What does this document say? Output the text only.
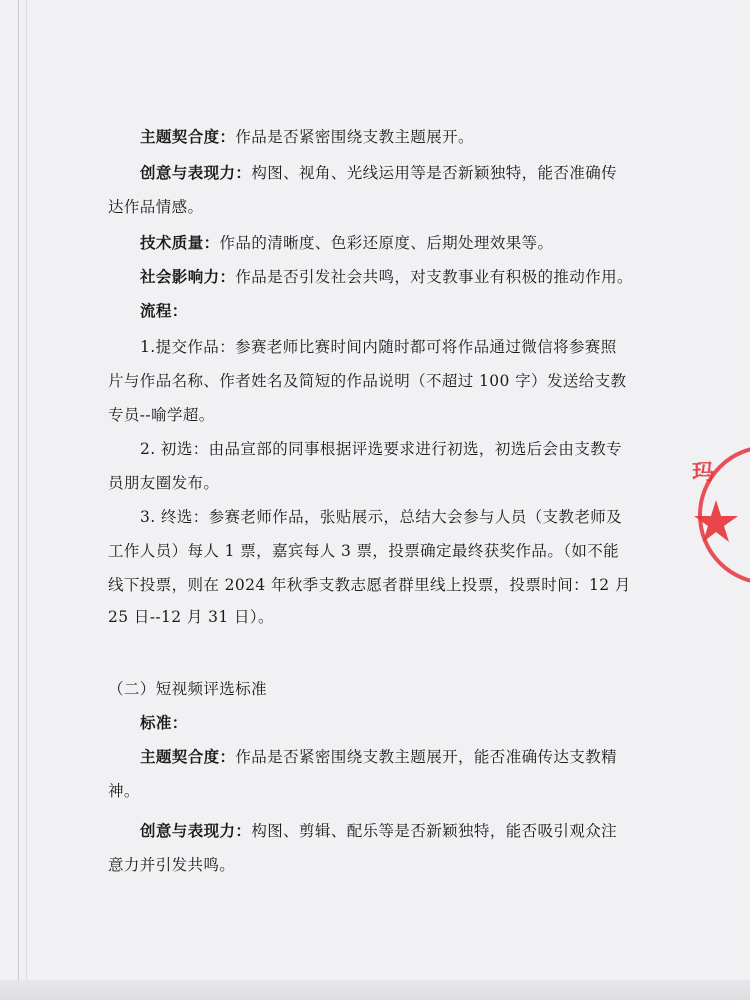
主题契合度：作品是否紧密围绕支教主题展开。
创意与表现力：构图、视角、光线运用等是否新颖独特，能否准确传
达作品情感。
技术质量：作品的清晰度、色彩还原度、后期处理效果等。
社会影响力：作品是否引发社会共鸣，对支教事业有积极的推动作用。
流程：
1.提交作品：参赛老师比赛时间内随时都可将作品通过微信将参赛照
片与作品名称、作者姓名及简短的作品说明（不超过 100 字）发送给支教
专员--喻学超。
2. 初选：由品宣部的同事根据评选要求进行初选，初选后会由支教专
员朋友圈发布。
3. 终选：参赛老师作品，张贴展示，总结大会参与人员（支教老师及
工作人员）每人 1 票，嘉宾每人 3 票，投票确定最终获奖作品。（如不能
线下投票，则在 2024 年秋季支教志愿者群里线上投票，投票时间：12 月
25 日--12 月 31 日）。
（二）短视频评选标准
标准：
主题契合度：作品是否紧密围绕支教主题展开，能否准确传达支教精
神。
创意与表现力：构图、剪辑、配乐等是否新颖独特，能否吸引观众注
意力并引发共鸣。
玛
